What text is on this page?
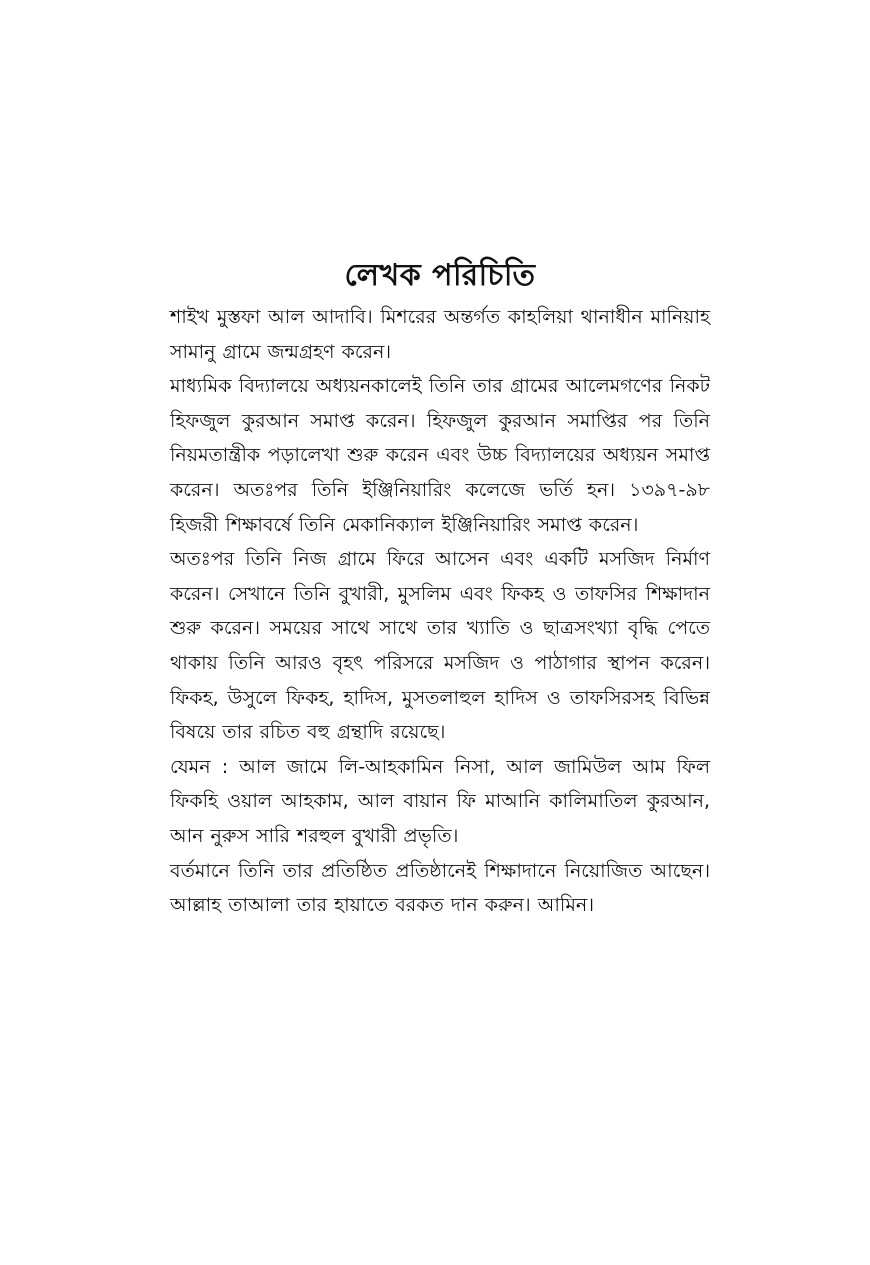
লেখক পরিচিতি

শাইখ মুস্তফা আল আদাবি। মিশরের অন্তর্গত কাহলিয়া থানাধীন মানিয়াহ সামানু গ্রামে জন্মগ্রহণ করেন।

মাধ্যমিক বিদ্যালয়ে অধ্যয়নকালেই তিনি তার গ্রামের আলেমগণের নিকট হিফজুল কুরআন সমাপ্ত করেন। হিফজুল কুরআন সমাপ্তির পর তিনি নিয়মতান্ত্রীক পড়ালেখা শুরু করেন এবং উচ্চ বিদ্যালয়ের অধ্যয়ন সমাপ্ত করেন। অতঃপর তিনি ইঞ্জিনিয়ারিং কলেজে ভর্তি হন। ১৩৯৭-৯৮ হিজরী শিক্ষাবর্ষে তিনি মেকানিক্যাল ইঞ্জিনিয়ারিং সমাপ্ত করেন।

অতঃপর তিনি নিজ গ্রামে ফিরে আসেন এবং একটি মসজিদ নির্মাণ করেন। সেখানে তিনি বুখারী, মুসলিম এবং ফিকহ ও তাফসির শিক্ষাদান শুরু করেন। সময়ের সাথে সাথে তার খ্যাতি ও ছাত্রসংখ্যা বৃদ্ধি পেতে থাকায় তিনি আরও বৃহৎ পরিসরে মসজিদ ও পাঠাগার স্থাপন করেন। ফিকহ, উসুলে ফিকহ, হাদিস, মুসতলাহুল হাদিস ও তাফসিরসহ বিভিন্ন বিষয়ে তার রচিত বহু গ্রন্থাদি রয়েছে।

যেমন : আল জামে লি-আহকামিন নিসা, আল জামিউল আম ফিল ফিকহি ওয়াল আহকাম, আল বায়ান ফি মাআনি কালিমাতিল কুরআন, আন নুরুস সারি শরহুল বুখারী প্রভৃতি।

বর্তমানে তিনি তার প্রতিষ্ঠিত প্রতিষ্ঠানেই শিক্ষাদানে নিয়োজিত আছেন। আল্লাহ তাআলা তার হায়াতে বরকত দান করুন। আমিন।
